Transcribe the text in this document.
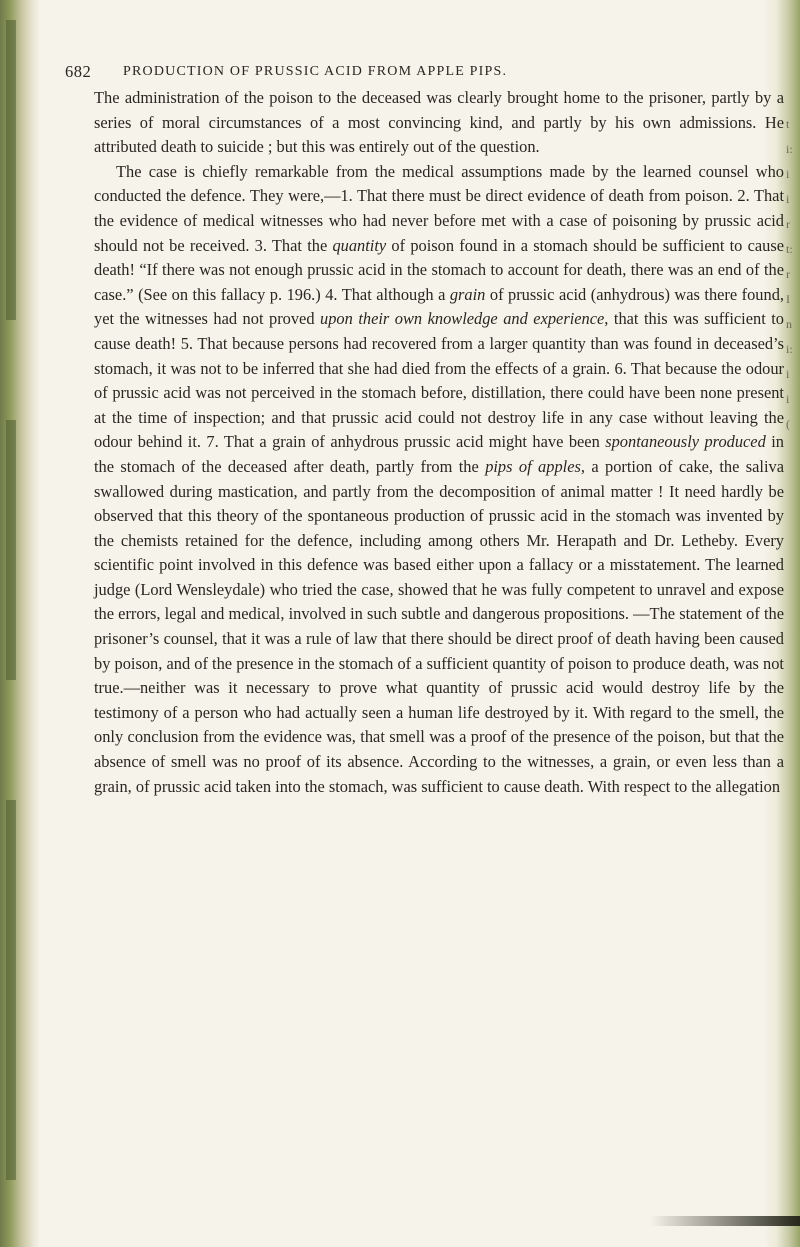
682 PRODUCTION OF PRUSSIC ACID FROM APPLE PIPS.

The administration of the poison to the deceased was clearly brought home to the prisoner, partly by a series of moral circumstances of a most convincing kind, and partly by his own admissions. He attributed death to suicide ; but this was entirely out of the question.

The case is chiefly remarkable from the medical assumptions made by the learned counsel who conducted the defence. They were,—1. That there must be direct evidence of death from poison. 2. That the evidence of medical witnesses who had never before met with a case of poisoning by prussic acid should not be received. 3. That the quantity of poison found in a stomach should be sufficient to cause death! “If there was not enough prussic acid in the stomach to account for death, there was an end of the case.” (See on this fallacy p. 196.) 4. That although a grain of prussic acid (anhydrous) was there found, yet the witnesses had not proved upon their own knowledge and experience, that this was sufficient to cause death! 5. That because persons had recovered from a larger quantity than was found in deceased’s stomach, it was not to be inferred that she had died from the effects of a grain. 6. That because the odour of prussic acid was not perceived in the stomach before, distillation, there could have been none present at the time of inspection; and that prussic acid could not destroy life in any case without leaving the odour behind it. 7. That a grain of anhydrous prussic acid might have been spontaneously produced in the stomach of the deceased after death, partly from the pips of apples, a portion of cake, the saliva swallowed during mastication, and partly from the decomposition of animal matter ! It need hardly be observed that this theory of the spontaneous production of prussic acid in the stomach was invented by the chemists retained for the defence, including among others Mr. Herapath and Dr. Letheby. Every scientific point involved in this defence was based either upon a fallacy or a misstatement. The learned judge (Lord Wensleydale) who tried the case, showed that he was fully competent to unravel and expose the errors, legal and medical, involved in such subtle and dangerous propositions. —The statement of the prisoner’s counsel, that it was a rule of law that there should be direct proof of death having been caused by poison, and of the presence in the stomach of a sufficient quantity of poison to produce death, was not true.—neither was it necessary to prove what quantity of prussic acid would destroy life by the testimony of a person who had actually seen a human life destroyed by it. With regard to the smell, the only conclusion from the evidence was, that smell was a proof of the presence of the poison, but that the absence of smell was no proof of its absence. According to the witnesses, a grain, or even less than a grain, of prussic acid taken into the stomach, was sufficient to cause death. With respect to the allegation

t
i:
i
i
r
t:
r
I
n
i:
i
i
(
